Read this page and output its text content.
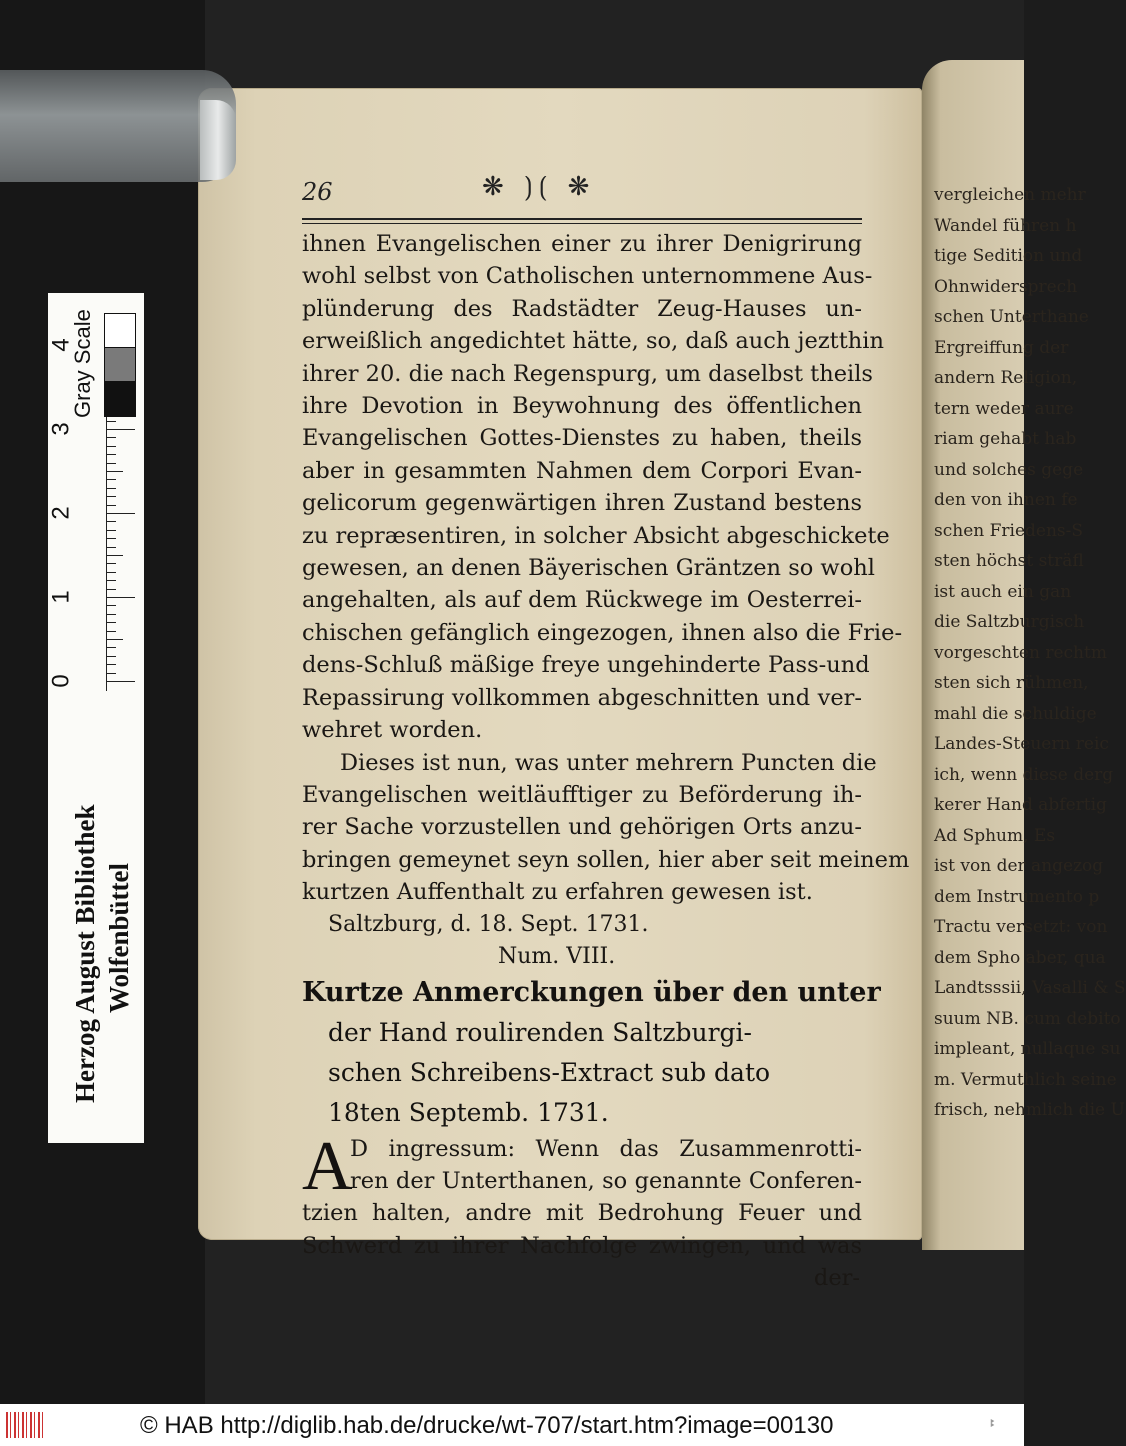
vergleichen mehr
Wandel führen h
tige Sedition und
Ohnwidersprech
schen Unterthane
Ergreiffung der
andern Religion,
tern weder aure
riam gehabt hab
und solches gege
den von ihnen fe
schen Friedens-S
sten höchst sträfl
ist auch ein gan
die Saltzburgisch
vorgeschten rechtm
sten sich rühmen,
mahl die schuldige
Landes-Steuern reic
ich, wenn diese derg
kerer Hand abfertig
Ad Sphum, Es
ist von der angezog
dem Instrumento p
Tractu versetzt: von
dem Spho aber, qua
Landtsssii, Vasalli & S
suum NB. cum debito
impleant, nullaque su
m. Vermuthlich seine
frisch, nehmlich die U
26	❋ ⟯⟮ ❋
ihnen Evangelischen einer zu ihrer Denigrirung
wohl selbst von Catholischen unternommene Aus-
plünderung des Radstädter Zeug-Hauses un-
erweißlich angedichtet hätte, so, daß auch jeztthin
ihrer 20. die nach Regenspurg, um daselbst theils
ihre Devotion in Beywohnung des öffentlichen
Evangelischen Gottes-Dienstes zu haben, theils
aber in gesammten Nahmen dem Corpori Evan-
gelicorum gegenwärtigen ihren Zustand bestens
zu repræsentiren, in solcher Absicht abgeschickete
gewesen, an denen Bäyerischen Gräntzen so wohl
angehalten, als auf dem Rückwege im Oesterrei-
chischen gefänglich eingezogen, ihnen also die Frie-
dens-Schluß mäßige freye ungehinderte Pass-und
Repassirung vollkommen abgeschnitten und ver-
wehret worden.
Dieses ist nun, was unter mehrern Puncten die
Evangelischen weitläufftiger zu Beförderung ih-
rer Sache vorzustellen und gehörigen Orts anzu-
bringen gemeynet seyn sollen, hier aber seit meinem
kurtzen Auffenthalt zu erfahren gewesen ist.
Saltzburg, d. 18. Sept. 1731.
Num. VIII.
Kurtze Anmerckungen über den unter
der Hand roulirenden Saltzburgi-
schen Schreibens-Extract sub dato
18ten Septemb. 1731.
A
D ingressum: Wenn das Zusammenrotti-
ren der Unterthanen, so genannte Conferen-
tzien halten, andre mit Bedrohung Feuer und
Schwerd zu ihrer Nachfolge zwingen, und was
der-
Herzog August Bibliothek Wolfenbüttel
0
1
2
3
4
Gray Scale
© HAB http://diglib.hab.de/drucke/wt-707/start.htm?image=00130	ꔪ
